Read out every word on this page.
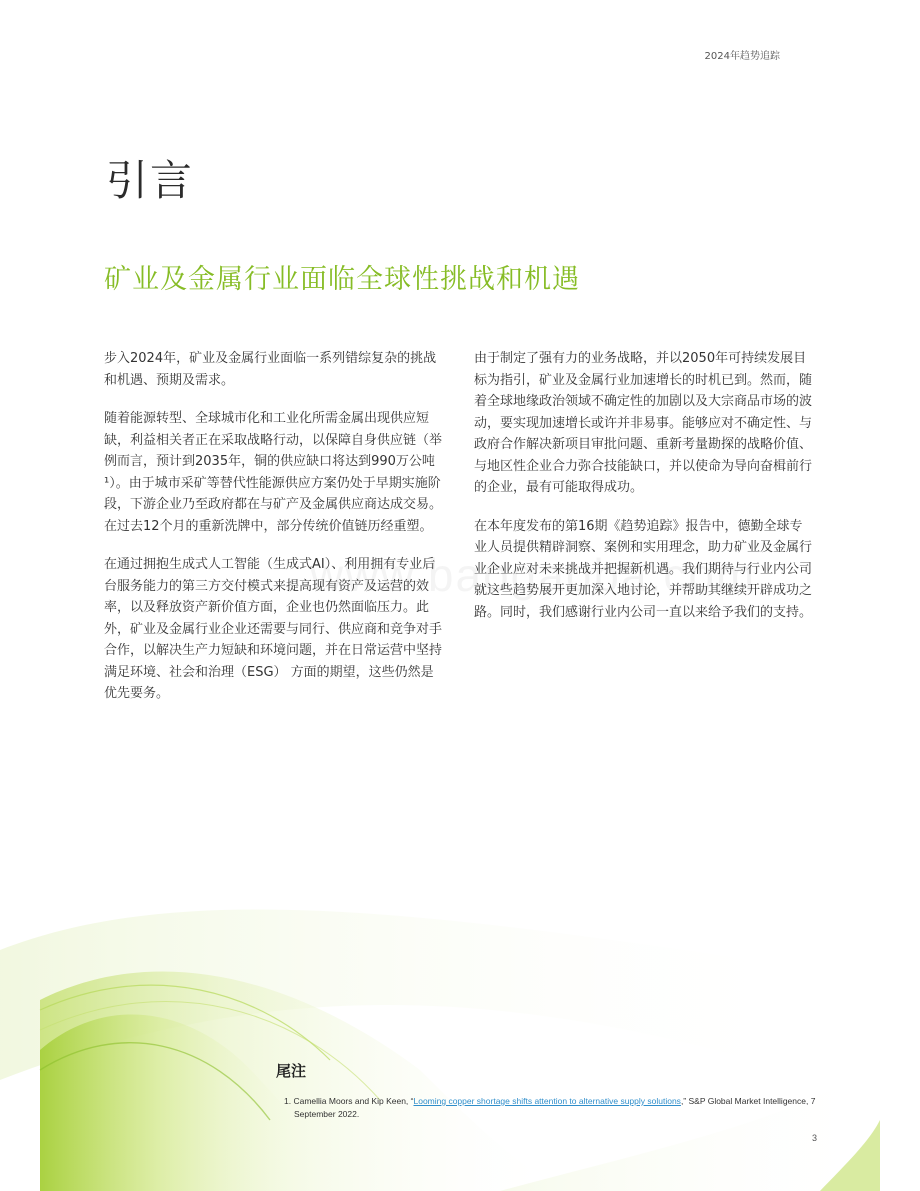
2024年趋势追踪
引言
矿业及金属行业面临全球性挑战和机遇

步入2024年，矿业及金属行业面临一系列错综复杂的挑战和机遇、预期及需求。

随着能源转型、全球城市化和工业化所需金属出现供应短缺，利益相关者正在采取战略行动，以保障自身供应链（举例而言，预计到2035年，铜的供应缺口将达到990万公吨¹）。由于城市采矿等替代性能源供应方案仍处于早期实施阶段，下游企业乃至政府都在与矿产及金属供应商达成交易。在过去12个月的重新洗牌中，部分传统价值链历经重塑。

在通过拥抱生成式人工智能（生成式AI）、利用拥有专业后台服务能力的第三方交付模式来提高现有资产及运营的效率，以及释放资产新价值方面，企业也仍然面临压力。此外，矿业及金属行业企业还需要与同行、供应商和竞争对手合作，以解决生产力短缺和环境问题，并在日常运营中坚持满足环境、社会和治理（ESG） 方面的期望，这些仍然是优先要务。

由于制定了强有力的业务战略，并以2050年可持续发展目标为指引，矿业及金属行业加速增长的时机已到。然而，随着全球地缘政治领域不确定性的加剧以及大宗商品市场的波动，要实现加速增长或许并非易事。能够应对不确定性、与政府合作解决新项目审批问题、重新考量勘探的战略价值、与地区性企业合力弥合技能缺口，并以使命为导向奋楫前行的企业，最有可能取得成功。

在本年度发布的第16期《趋势追踪》报告中，德勤全球专业人员提供精辟洞察、案例和实用理念，助力矿业及金属行业企业应对未来挑战并把握新机遇。我们期待与行业内公司就这些趋势展开更加深入地讨论，并帮助其继续开辟成功之路。同时，我们感谢行业内公司一直以来给予我们的支持。

尾注
1. Camellia Moors and Kip Keen, “Looming copper shortage shifts attention to alternative supply solutions,” S&P Global Market Intelligence, 7 September 2022.
3
